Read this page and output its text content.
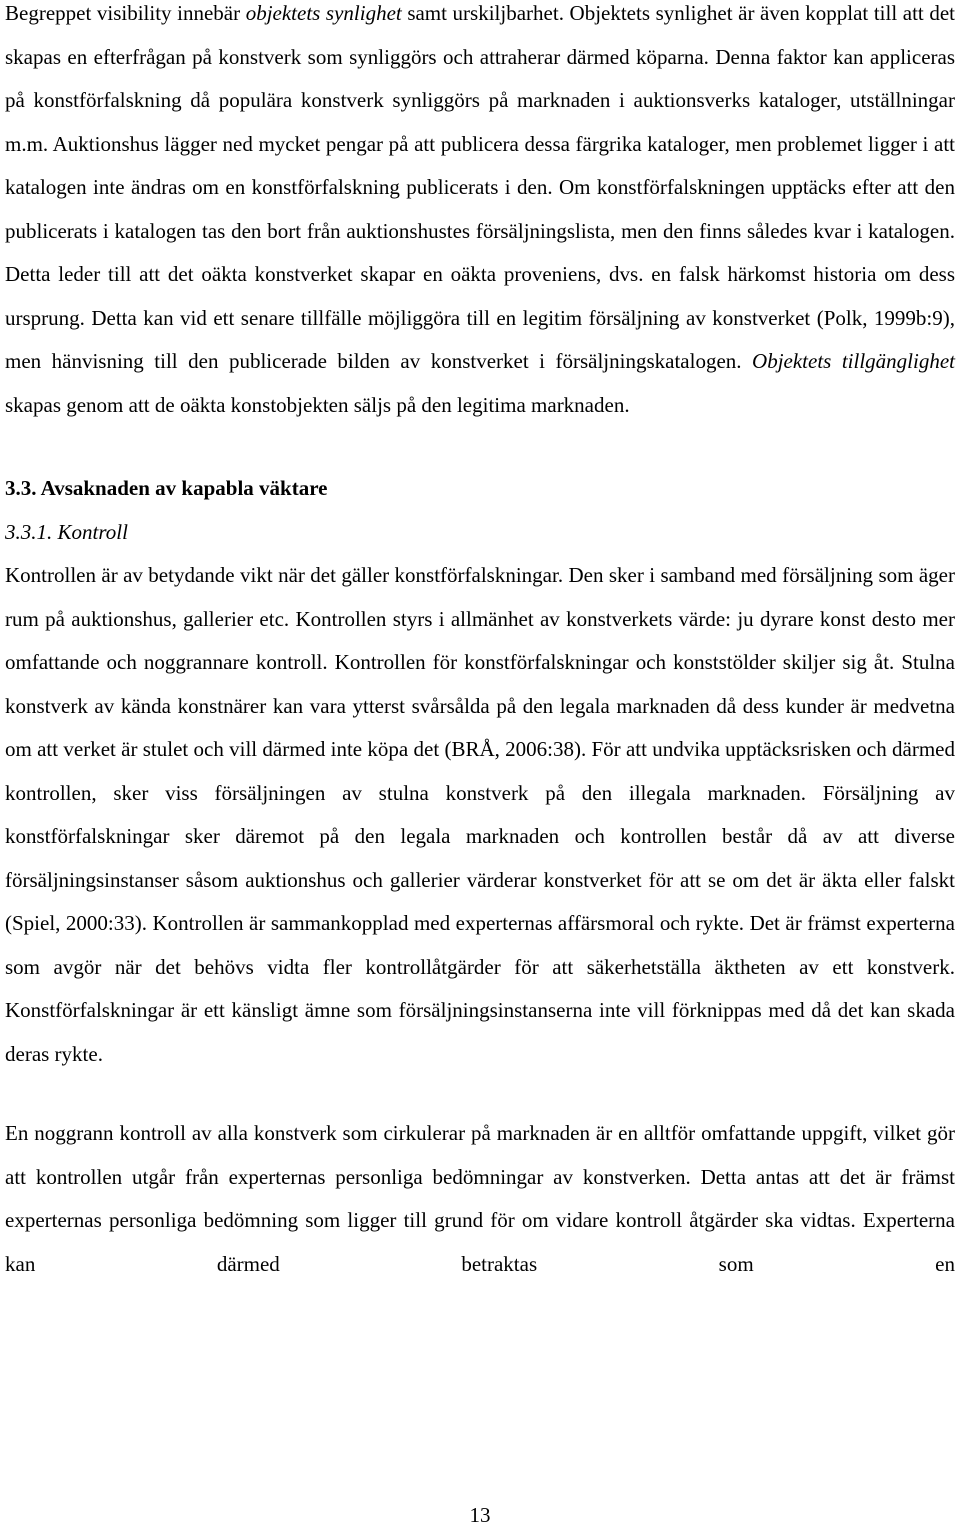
Begreppet visibility innebär objektets synlighet samt urskiljbarhet. Objektets synlighet är även kopplat till att det skapas en efterfrågan på konstverk som synliggörs och attraherar därmed köparna. Denna faktor kan appliceras på konstförfalskning då populära konstverk synliggörs på marknaden i auktionsverks kataloger, utställningar m.m. Auktionshus lägger ned mycket pengar på att publicera dessa färgrika kataloger, men problemet ligger i att katalogen inte ändras om en konstförfalskning publicerats i den. Om konstförfalskningen upptäcks efter att den publicerats i katalogen tas den bort från auktionshustes försäljningslista, men den finns således kvar i katalogen. Detta leder till att det oäkta konstverket skapar en oäkta proveniens, dvs. en falsk härkomst historia om dess ursprung. Detta kan vid ett senare tillfälle möjliggöra till en legitim försäljning av konstverket (Polk, 1999b:9), men hänvisning till den publicerade bilden av konstverket i försäljningskatalogen. Objektets tillgänglighet skapas genom att de oäkta konstobjekten säljs på den legitima marknaden.

3.3. Avsaknaden av kapabla väktare
3.3.1. Kontroll

Kontrollen är av betydande vikt när det gäller konstförfalskningar. Den sker i samband med försäljning som äger rum på auktionshus, gallerier etc. Kontrollen styrs i allmänhet av konstverkets värde: ju dyrare konst desto mer omfattande och noggrannare kontroll. Kontrollen för konstförfalskningar och konststölder skiljer sig åt. Stulna konstverk av kända konstnärer kan vara ytterst svårsålda på den legala marknaden då dess kunder är medvetna om att verket är stulet och vill därmed inte köpa det (BRÅ, 2006:38). För att undvika upptäcksrisken och därmed kontrollen, sker viss försäljningen av stulna konstverk på den illegala marknaden. Försäljning av konstförfalskningar sker däremot på den legala marknaden och kontrollen består då av att diverse försäljningsinstanser såsom auktionshus och gallerier värderar konstverket för att se om det är äkta eller falskt (Spiel, 2000:33). Kontrollen är sammankopplad med experternas affärsmoral och rykte. Det är främst experterna som avgör när det behövs vidta fler kontrollåtgärder för att säkerhetställa äktheten av ett konstverk. Konstförfalskningar är ett känsligt ämne som försäljningsinstanserna inte vill förknippas med då det kan skada deras rykte.

En noggrann kontroll av alla konstverk som cirkulerar på marknaden är en alltför omfattande uppgift, vilket gör att kontrollen utgår från experternas personliga bedömningar av konstverken. Detta antas att det är främst experternas personliga bedömning som ligger till grund för om vidare kontroll åtgärder ska vidtas. Experterna kan därmed betraktas som en

13
